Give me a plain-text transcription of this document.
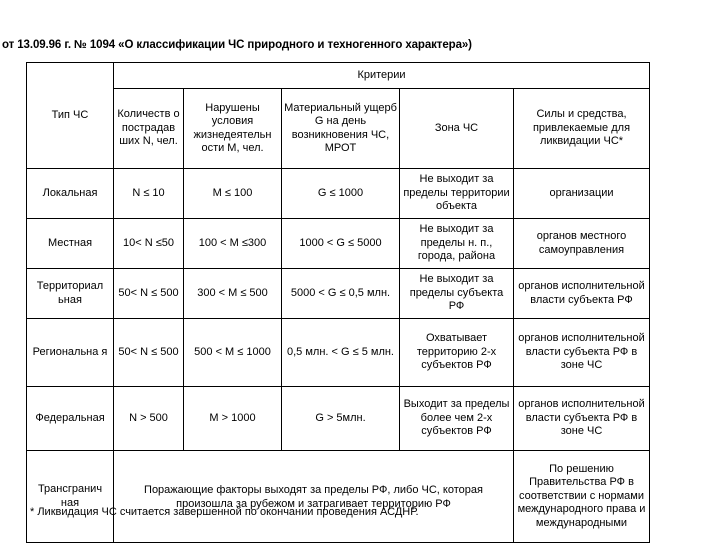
от 13.09.96 г. № 1094 «О классификации ЧС природного и техногенного характера»)
Тип ЧС	Критерии				
	Количеств о пострадав ших N, чел.	Нарушены условия жизнедеятельн ости М, чел.	Материальный ущерб G на день возникновения ЧС, МРОТ	Зона ЧС	Силы и средства, привлекаемые для ликвидации ЧС*
Локальная	N ≤ 10	M ≤ 100	G ≤ 1000	Не выходит за пределы территории объекта	организации
Местная	10< N ≤50	100 < M ≤300	1000 < G ≤ 5000	Не выходит за пределы н. п., города, района	органов местного самоуправления
Территориал ьная	50< N ≤ 500	300 < M ≤ 500	5000 < G ≤ 0,5 млн.	Не выходит за пределы субъекта РФ	органов исполнительной власти субъекта РФ
Региональна я	50< N ≤ 500	500 < M ≤ 1000	0,5 млн. < G ≤ 5 млн.	Охватывает территорию 2-х субъектов РФ	органов исполнительной власти субъекта РФ в зоне ЧС
Федеральная	N > 500	M > 1000	G > 5млн.	Выходит за пределы более чем 2-х субъектов РФ	органов исполнительной власти субъекта РФ в зоне ЧС
Трансгранич ная	Поражающие факторы выходят за пределы РФ, либо ЧС, которая произошла за рубежом и затрагивает территорию РФ				По решению Правительства РФ в соответствии с нормами международного права и международными
* Ликвидация ЧС считается завершенной по окончании проведения АСДНР.
